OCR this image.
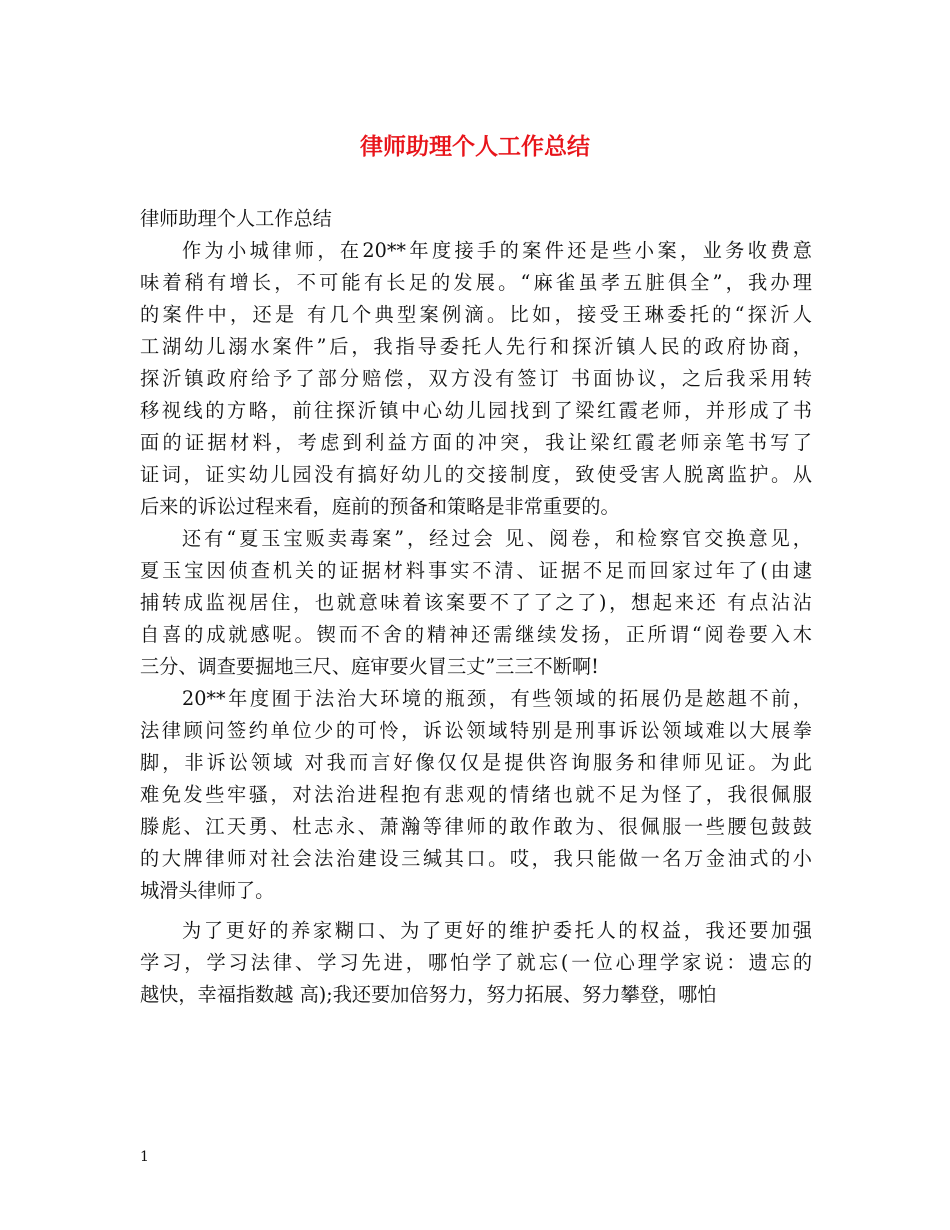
律师助理个人工作总结

律师助理个人工作总结

作为小城律师，在20**年度接手的案件还是些小案，业务收费意
味着稍有增长，不可能有长足的发展。“麻雀虽孝五脏俱全”，我办理
的案件中，还是 有几个典型案例滴。比如，接受王琳委托的“探沂人
工湖幼儿溺水案件”后，我指导委托人先行和探沂镇人民的政府协商，
探沂镇政府给予了部分赔偿，双方没有签订 书面协议，之后我采用转
移视线的方略，前往探沂镇中心幼儿园找到了梁红霞老师，并形成了书
面的证据材料，考虑到利益方面的冲突，我让梁红霞老师亲笔书写了
证词，证实幼儿园没有搞好幼儿的交接制度，致使受害人脱离监护。从
后来的诉讼过程来看，庭前的预备和策略是非常重要的。

还有“夏玉宝贩卖毒案”，经过会 见、阅卷，和检察官交换意见，
夏玉宝因侦查机关的证据材料事实不清、证据不足而回家过年了(由逮
捕转成监视居住，也就意味着该案要不了了之了)，想起来还 有点沾沾
自喜的成就感呢。锲而不舍的精神还需继续发扬，正所谓“阅卷要入木
三分、调查要掘地三尺、庭审要火冒三丈”三三不断啊!

20**年度囿于法治大环境的瓶颈，有些领域的拓展仍是趑趄不前，
法律顾问签约单位少的可怜，诉讼领域特别是刑事诉讼领域难以大展拳
脚，非诉讼领域 对我而言好像仅仅是提供咨询服务和律师见证。为此
难免发些牢骚，对法治进程抱有悲观的情绪也就不足为怪了，我很佩服
滕彪、江天勇、杜志永、萧瀚等律师的敢作敢为、很佩服一些腰包鼓鼓
的大牌律师对社会法治建设三缄其口。哎，我只能做一名万金油式的小
城滑头律师了。

为了更好的养家糊口、为了更好的维护委托人的权益，我还要加强
学习，学习法律、学习先进，哪怕学了就忘(一位心理学家说：遗忘的
越快，幸福指数越 高);我还要加倍努力，努力拓展、努力攀登，哪怕

1
